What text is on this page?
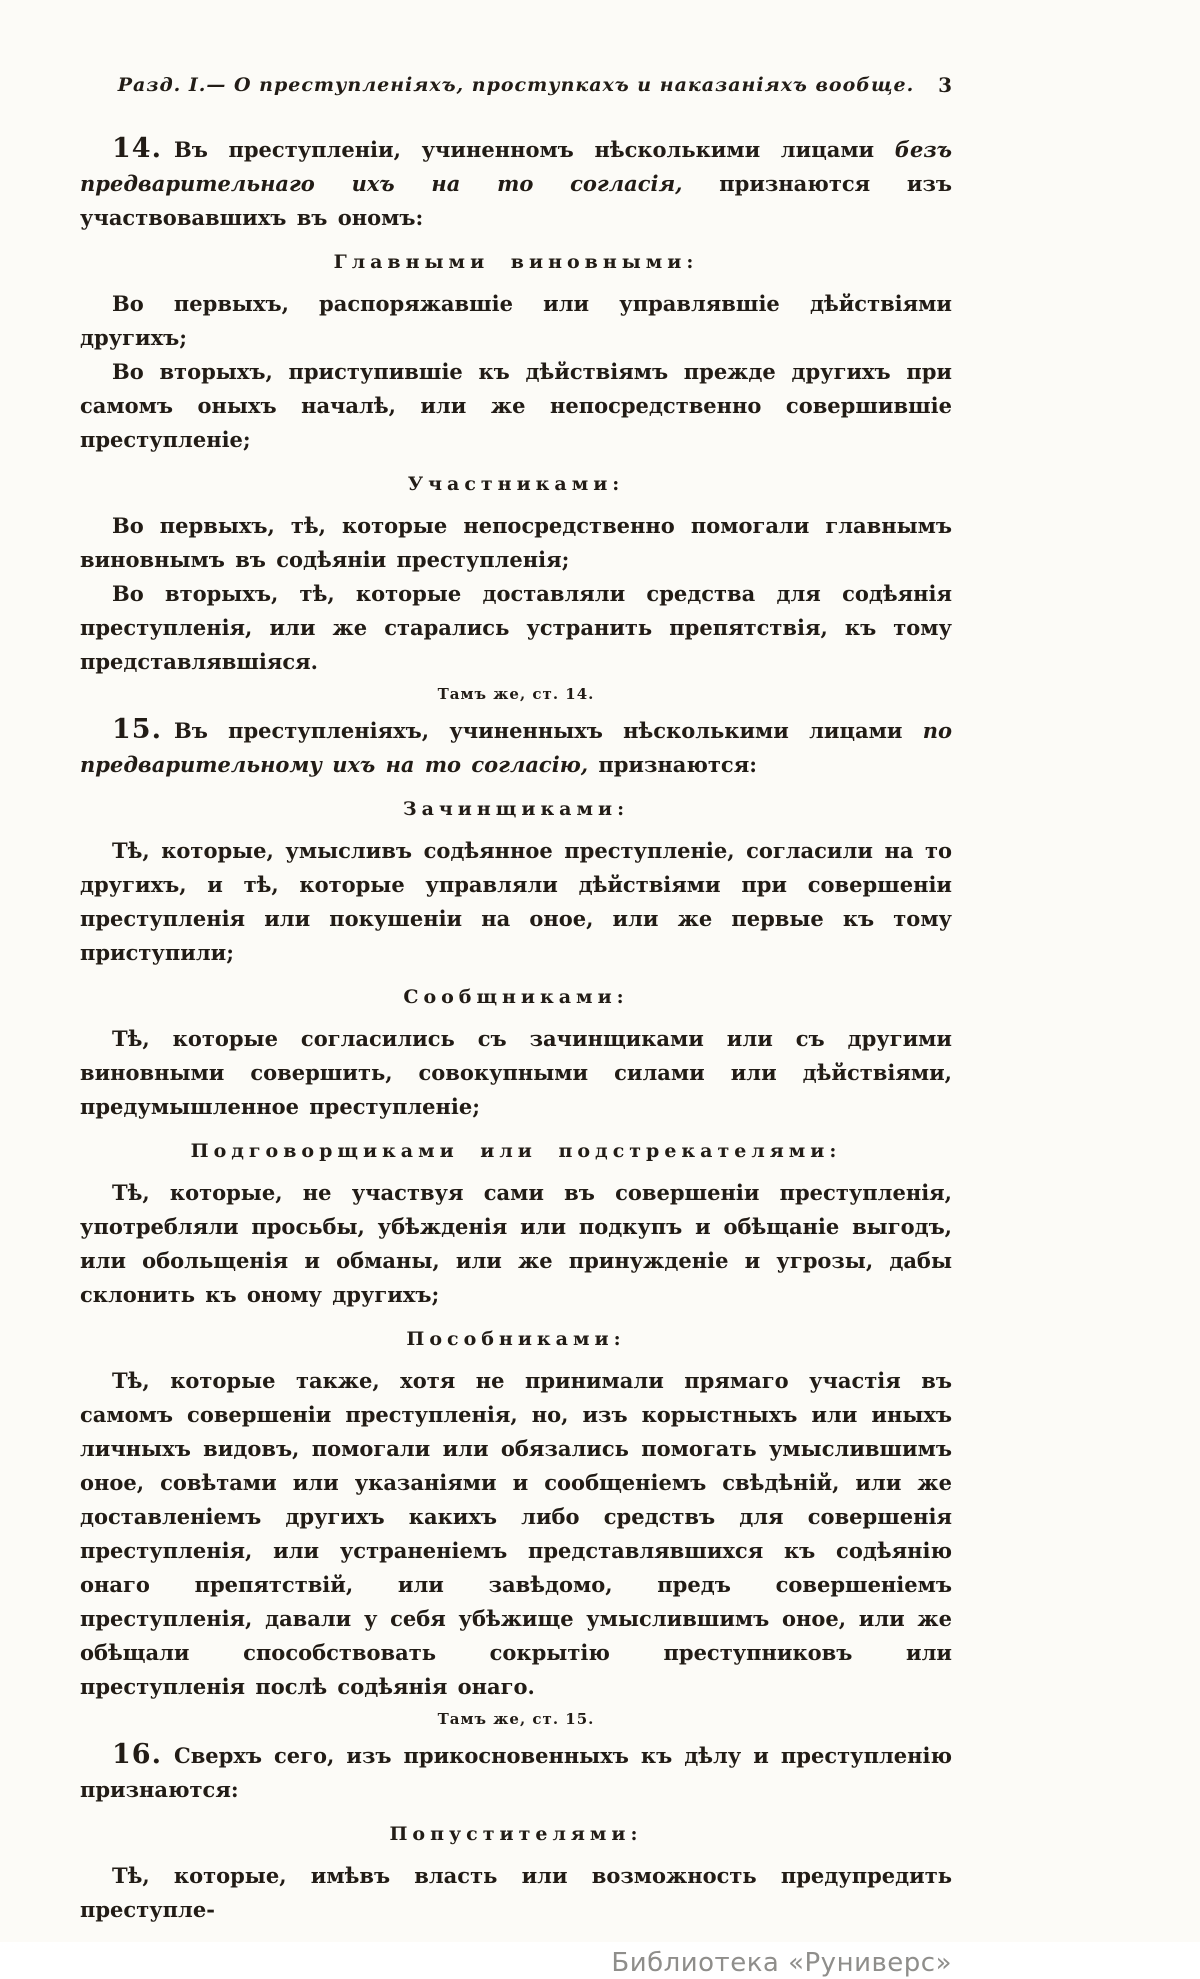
Разд. I.— О преступленіяхъ, проступкахъ и наказаніяхъ вообще. 3

14. Въ преступленіи, учиненномъ нѣсколькими лицами безъ предварительнаго ихъ на то согласія, признаются изъ участвовавшихъ въ ономъ:

Главными виновными:

Во первыхъ, распоряжавшіе или управлявшіе дѣйствіями другихъ;

Во вторыхъ, приступившіе къ дѣйствіямъ прежде другихъ при самомъ оныхъ началѣ, или же непосредственно совершившіе преступленіе;

Участниками:

Во первыхъ, тѣ, которые непосредственно помогали главнымъ виновнымъ въ содѣяніи преступленія;

Во вторыхъ, тѣ, которые доставляли средства для содѣянія преступленія, или же старались устранить препятствія, къ тому представлявшіяся.

Тамъ же, ст. 14.

15. Въ преступленіяхъ, учиненныхъ нѣсколькими лицами по предварительному ихъ на то согласію, признаются:

Зачинщиками:

Тѣ, которые, умысливъ содѣянное преступленіе, согласили на то другихъ, и тѣ, которые управляли дѣйствіями при совершеніи преступленія или покушеніи на оное, или же первые къ тому приступили;

Сообщниками:

Тѣ, которые согласились съ зачинщиками или съ другими виновными совершить, совокупными силами или дѣйствіями, предумышленное преступленіе;

Подговорщиками или подстрекателями:

Тѣ, которые, не участвуя сами въ совершеніи преступленія, употребляли просьбы, убѣжденія или подкупъ и обѣщаніе выгодъ, или обольщенія и обманы, или же принужденіе и угрозы, дабы склонить къ оному другихъ;

Пособниками:

Тѣ, которые также, хотя не принимали прямаго участія въ самомъ совершеніи преступленія, но, изъ корыстныхъ или иныхъ личныхъ видовъ, помогали или обязались помогать умыслившимъ оное, совѣтами или указаніями и сообщеніемъ свѣдѣній, или же доставленіемъ другихъ какихъ либо средствъ для совершенія преступленія, или устраненіемъ представлявшихся къ содѣянію онаго препятствій, или завѣдомо, предъ совершеніемъ преступленія, давали у себя убѣжище умыслившимъ оное, или же обѣщали способствовать сокрытію преступниковъ или преступленія послѣ содѣянія онаго.

Тамъ же, ст. 15.

16. Сверхъ сего, изъ прикосновенныхъ къ дѣлу и преступленію признаются:

Попустителями:

Тѣ, которые, имѣвъ власть или возможность предупредить преступле-

Библиотека «Руниверс»
